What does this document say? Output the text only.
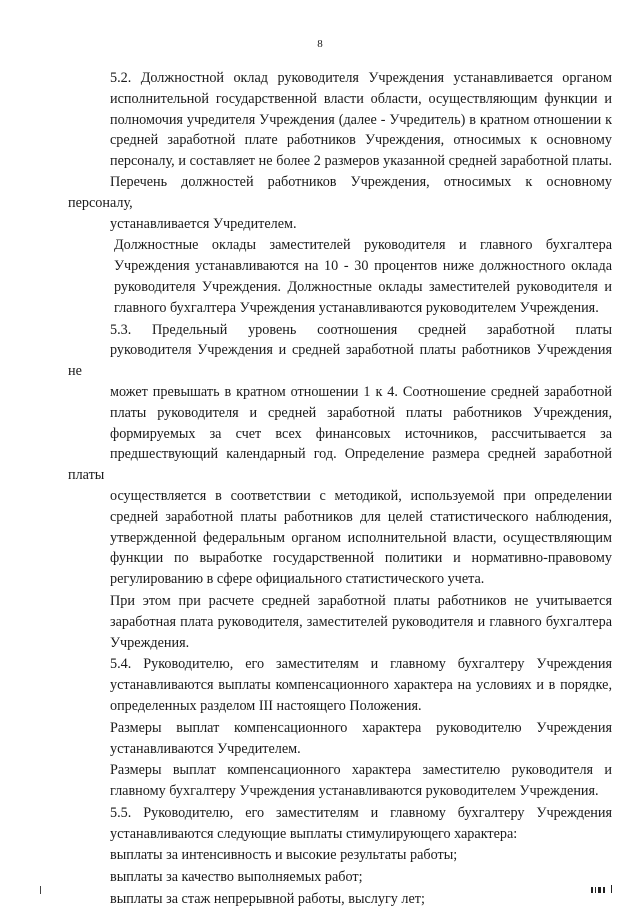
8
5.2. Должностной оклад руководителя Учреждения устанавливается органом
исполнительной государственной власти области, осуществляющим функции и
полномочия учредителя Учреждения (далее - Учредитель) в кратном отношении к
средней заработной плате работников Учреждения, относимых к основному
персоналу, и составляет не более 2 размеров указанной средней заработной платы.
Перечень должностей работников Учреждения, относимых к основному персоналу,
устанавливается Учредителем.
Должностные оклады заместителей руководителя и главного бухгалтера
Учреждения устанавливаются на 10 - 30 процентов ниже должностного оклада
руководителя Учреждения. Должностные оклады заместителей руководителя и
главного бухгалтера Учреждения устанавливаются руководителем Учреждения.
5.3. Предельный уровень соотношения средней заработной платы
руководителя Учреждения и средней заработной платы работников Учреждения не
может превышать в кратном отношении 1 к 4. Соотношение средней заработной
платы руководителя и средней заработной платы работников Учреждения,
формируемых за счет всех финансовых источников, рассчитывается за
предшествующий календарный год. Определение размера средней заработной платы
осуществляется в соответствии с методикой, используемой при определении
средней заработной платы работников для целей статистического наблюдения,
утвержденной федеральным органом исполнительной власти, осуществляющим
функции по выработке государственной политики и нормативно-правовому
регулированию в сфере официального статистического учета.
При этом при расчете средней заработной платы работников не учитывается
заработная плата руководителя, заместителей руководителя и главного бухгалтера
Учреждения.
5.4. Руководителю, его заместителям и главному бухгалтеру Учреждения
устанавливаются выплаты компенсационного характера на условиях и в порядке,
определенных разделом III настоящего Положения.
Размеры выплат компенсационного характера руководителю Учреждения
устанавливаются Учредителем.
Размеры выплат компенсационного характера заместителю руководителя и
главному бухгалтеру Учреждения устанавливаются руководителем Учреждения.
5.5. Руководителю, его заместителям и главному бухгалтеру Учреждения
устанавливаются следующие выплаты стимулирующего характера:
выплаты за интенсивность и высокие результаты работы;
выплаты за качество выполняемых работ;
выплаты за стаж непрерывной работы, выслугу лет;
